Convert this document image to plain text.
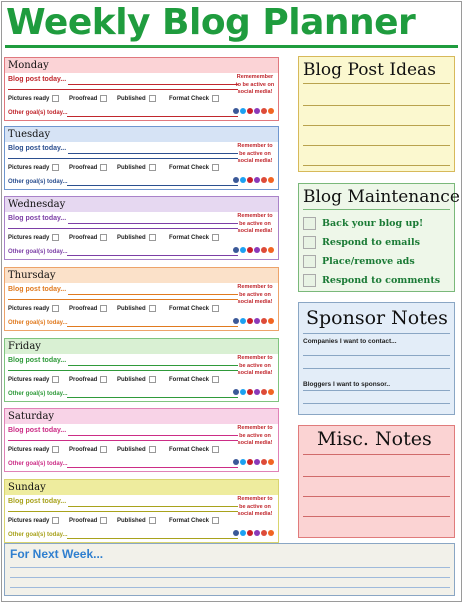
Weekly Blog Planner
Monday
Blog post today...
Pictures ready	Proofread	Published	Format Check
Other goal(s) today...
Rememember to be active on social media!
Tuesday
Blog post today...
Pictures ready	Proofread	Published	Format Check
Other goal(s) today...
Remember to be active on social media!
Wednesday
Blog post today...
Pictures ready	Proofread	Published	Format Check
Other goal(s) today...
Remember to be active on social media!
Thursday
Blog post today...
Pictures ready	Proofread	Published	Format Check
Other goal(s) today...
Remember to be active on social media!
Friday
Blog post today...
Pictures ready	Proofread	Published	Format Check
Other goal(s) today...
Remember to be active on social media!
Saturday
Blog post today...
Pictures ready	Proofread	Published	Format Check
Other goal(s) today...
Remember to be active on social media!
Sunday
Blog post today...
Pictures ready	Proofread	Published	Format Check
Other goal(s) today...
Remember to be active on social media!
Blog Post Ideas
Blog Maintenance
Back your blog up!
Respond to emails
Place/remove ads
Respond to comments
Sponsor Notes
Companies I want to contact...
Bloggers I want to sponsor..
Misc. Notes
For Next Week...
